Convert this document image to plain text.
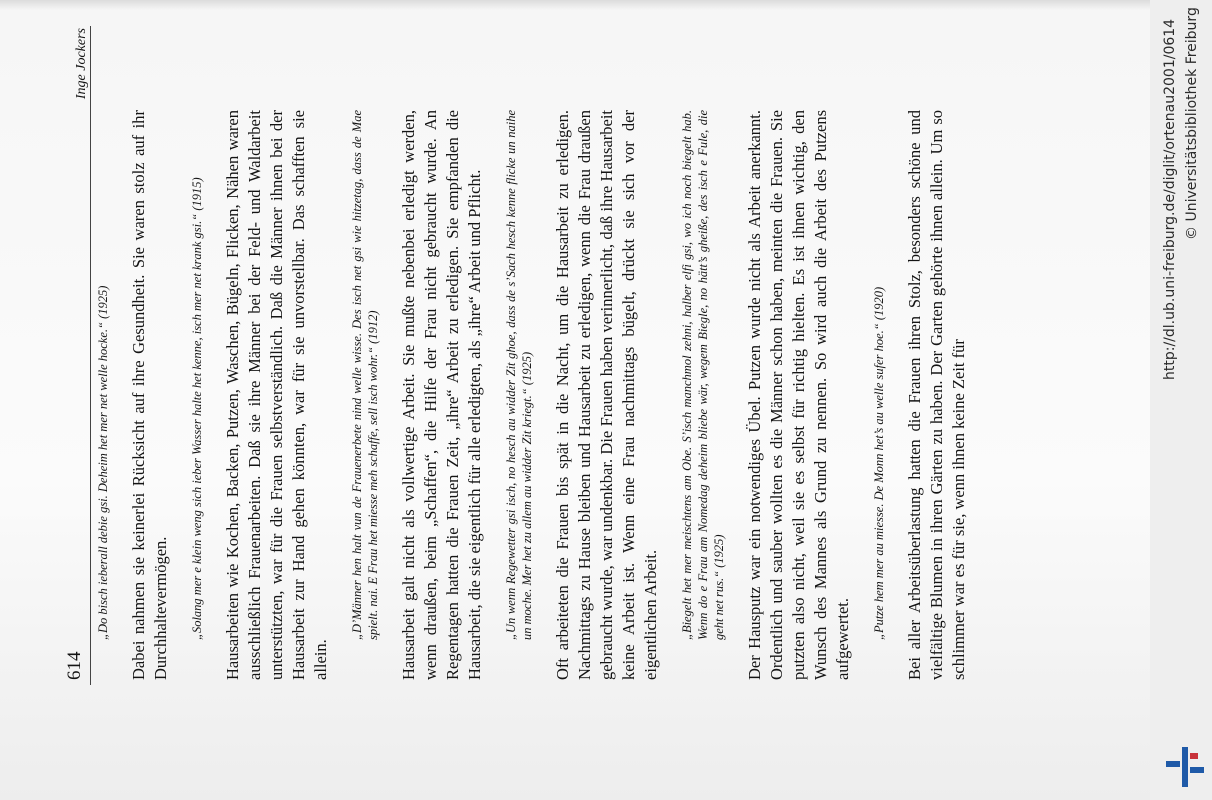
614
Inge Jockers
„Do bisch ieberall debie gsi. Deheim het mer net welle hocke.“ (1925) Dabei nahmen sie keinerlei Rücksicht auf ihre Gesundheit. Sie waren stolz auf ihr Durchhaltevermögen. „Solang mer e klein weng sich ieber Wasser halte het kenne, isch mer net krank gsi.“ (1915) Hausarbeiten wie Kochen, Backen, Putzen, Waschen, Bügeln, Flicken, Nähen waren ausschließlich Frauenarbeiten. Daß sie ihre Männer bei der Feld- und Waldarbeit unterstützten, war für die Frauen selbstverständlich. Daß die Männer ihnen bei der Hausarbeit zur Hand gehen könnten, war für sie unvorstellbar. Das schafften sie allein.
„D’Männer hen halt vun de Frauenerbete nind welle wisse. Des isch net gsi wie hitzetag, dass de Mae spielt. nai. E Frau het miesse meh schaffe, sell isch wohr.“ (1912) Hausarbeit galt nicht als vollwertige Arbeit. Sie mußte nebenbei erledigt werden, wenn draußen, beim „Schaffen“, die Hilfe der Frau nicht gebraucht wurde. An Regentagen hatten die Frauen Zeit, „ihre“ Arbeit zu erledigen. Sie empfanden die Hausarbeit, die sie eigentlich für alle erledigten, als „ihre“ Arbeit und Pflicht. „Un wenn Regewetter gsi isch, no hesch au widder Zit ghoe, dass de s’Sach hesch kenne flicke un naihe un moche. Mer het zu allem au widder Zit kriegt.“ (1925) Oft arbeiteten die Frauen bis spät in die Nacht, um die Hausarbeit zu erledigen. Nachmittags zu Hause bleiben und Hausarbeit zu erledigen, wenn die Frau draußen gebraucht wurde, war undenkbar. Die Frauen haben verinnerlicht, daß ihre Hausarbeit keine Arbeit ist. Wenn eine Frau nachmittags bügelt, drückt sie sich vor der eigentlichen Arbeit. „Biegelt het mer meischtens am Obe. S’isch manchmol zehni, halber elfi gsi, wo ich noch biegelt hab. Wenn do e Frau am Nomedag deheim bliebe wär, wegem Biegle, no hätt’s gheiße, des isch e Fule, die geht net rus.“ (1925) Der Hausputz war ein notwendiges Übel. Putzen wurde nicht als Arbeit anerkannt. Ordentlich und sauber wollten es die Männer schon haben, meinten die Frauen. Sie putzten also nicht, weil sie es selbst für richtig hielten. Es ist ihnen wichtig, den Wunsch des Mannes als Grund zu nennen. So wird auch die Arbeit des Putzens aufgewertet. „Putze hem mer au miesse. De Monn het’s au welle sufer hoe.“ (1920) Bei aller Arbeitsüberlastung hatten die Frauen ihren Stolz, besonders schöne und vielfältige Blumen in ihren Gärten zu haben. Der Garten gehörte ihnen allein. Um so schlimmer war es für sie, wenn ihnen keine Zeit für
http://dl.ub.uni-freiburg.de/diglit/ortenau2001/0614 © Universitätsbibliothek Freiburg
